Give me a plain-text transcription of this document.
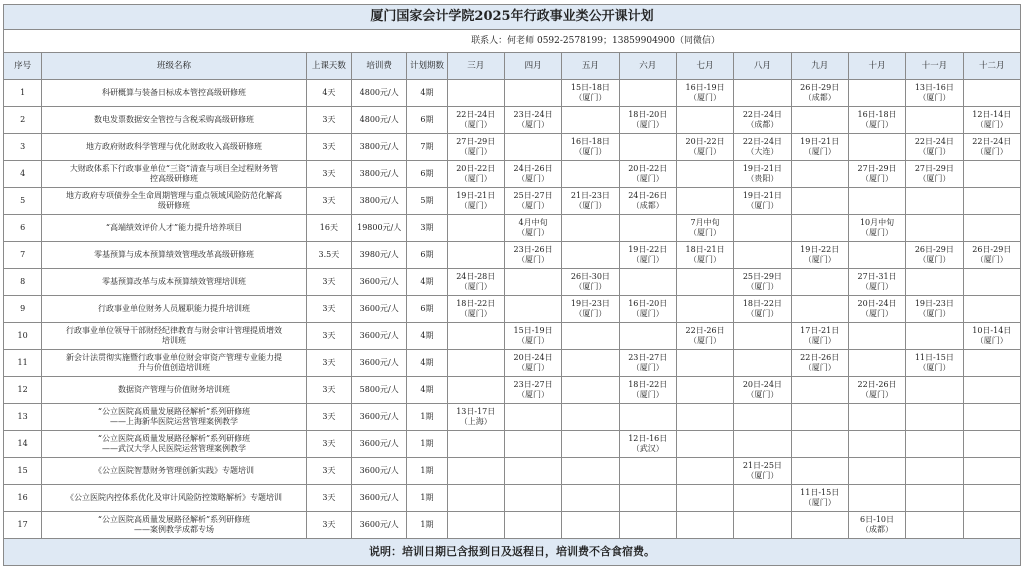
厦门国家会计学院2025年行政事业类公开课计划
联系人：何老师 0592-2578199；13859904900（同微信）
序号	班级名称	上课天数	培训费	计划期数	三月	四月	五月	六月	七月	八月	九月	十月	十一月	十二月
1	科研概算与装备日标成本管控高级研修班	4天	4800元/人	4期			15日-18日
（厦门）		16日-19日
（厦门）		26日-29日
（成都）		13日-16日
（厦门）	

2	数电发票数据安全管控与含税采购高级研修班	3天	4800元/人	6期	22日-24日
（厦门）	23日-24日
（厦门）		18日-20日
（厦门）		22日-24日
（成都）		16日-18日
（厦门）		12日-14日
（厦门）

3	地方政府财政科学管理与优化财政收入高级研修班	3天	3800元/人	7期	27日-29日
（厦门）		16日-18日
（厦门）		20日-22日
（厦门）	22日-24日
（大连）	19日-21日
（厦门）		22日-24日
（厦门）	22日-24日
（厦门）

4	大财政体系下行政事业单位“三资”清查与项目全过程财务管
控高级研修班	3天	3800元/人	6期	20日-22日
（厦门）	24日-26日
（厦门）		20日-22日
（厦门）		19日-21日
（贵阳）		27日-29日
（厦门）	27日-29日
（厦门）	

5	地方政府专项债券全生命周期管理与重点领域风险防范化解高
级研修班	3天	3800元/人	5期	19日-21日
（厦门）	25日-27日
（厦门）	21日-23日
（厦门）	24日-26日
（成都）		19日-21日
（厦门）				

6	“高端绩效评价人才”能力提升培养项目	16天	19800元/人	3期		4月中旬
（厦门）			7月中旬
（厦门）			10月中旬
（厦门）		

7	零基预算与成本预算绩效管理改革高级研修班	3.5天	3980元/人	6期		23日-26日
（厦门）		19日-22日
（厦门）	18日-21日
（厦门）		19日-22日
（厦门）		26日-29日
（厦门）	26日-29日
（厦门）

8	零基预算改革与成本预算绩效管理培训班	3天	3600元/人	4期	24日-28日
（厦门）		26日-30日
（厦门）			25日-29日
（厦门）		27日-31日
（厦门）		

9	行政事业单位财务人员履职能力提升培训班	3天	3600元/人	6期	18日-22日
（厦门）		19日-23日
（厦门）	16日-20日
（厦门）		18日-22日
（厦门）		20日-24日
（厦门）	19日-23日
（厦门）	

10	行政事业单位领导干部财经纪律教育与财会审计管理提质增效
培训班	3天	3600元/人	4期		15日-19日
（厦门）			22日-26日
（厦门）		17日-21日
（厦门）			10日-14日
（厦门）

11	新会计法贯彻实施暨行政事业单位财会审资产管理专业能力提
升与价值创造培训班	3天	3600元/人	4期		20日-24日
（厦门）		23日-27日
（厦门）			22日-26日
（厦门）		11日-15日
（厦门）	

12	数据资产管理与价值财务培训班	3天	5800元/人	4期		23日-27日
（厦门）		18日-22日
（厦门）		20日-24日
（厦门）		22日-26日
（厦门）		

13	“公立医院高质量发展路径解析”系列研修班
——上海新华医院运营管理案例教学	3天	3600元/人	1期	13日-17日
（上海）									

14	“公立医院高质量发展路径解析”系列研修班
——武汉大学人民医院运营管理案例教学	3天	3600元/人	1期				12日-16日
（武汉）						

15	《公立医院智慧财务管理创新实践》专题培训	3天	3600元/人	1期						21日-25日
（厦门）				

16	《公立医院内控体系优化及审计风险防控策略解析》专题培训	3天	3600元/人	1期							11日-15日
（厦门）			

17	“公立医院高质量发展路径解析”系列研修班
——案例教学成都专场	3天	3600元/人	1期								6日-10日
（成都）		

说明：培训日期已含报到日及返程日，培训费不含食宿费。
